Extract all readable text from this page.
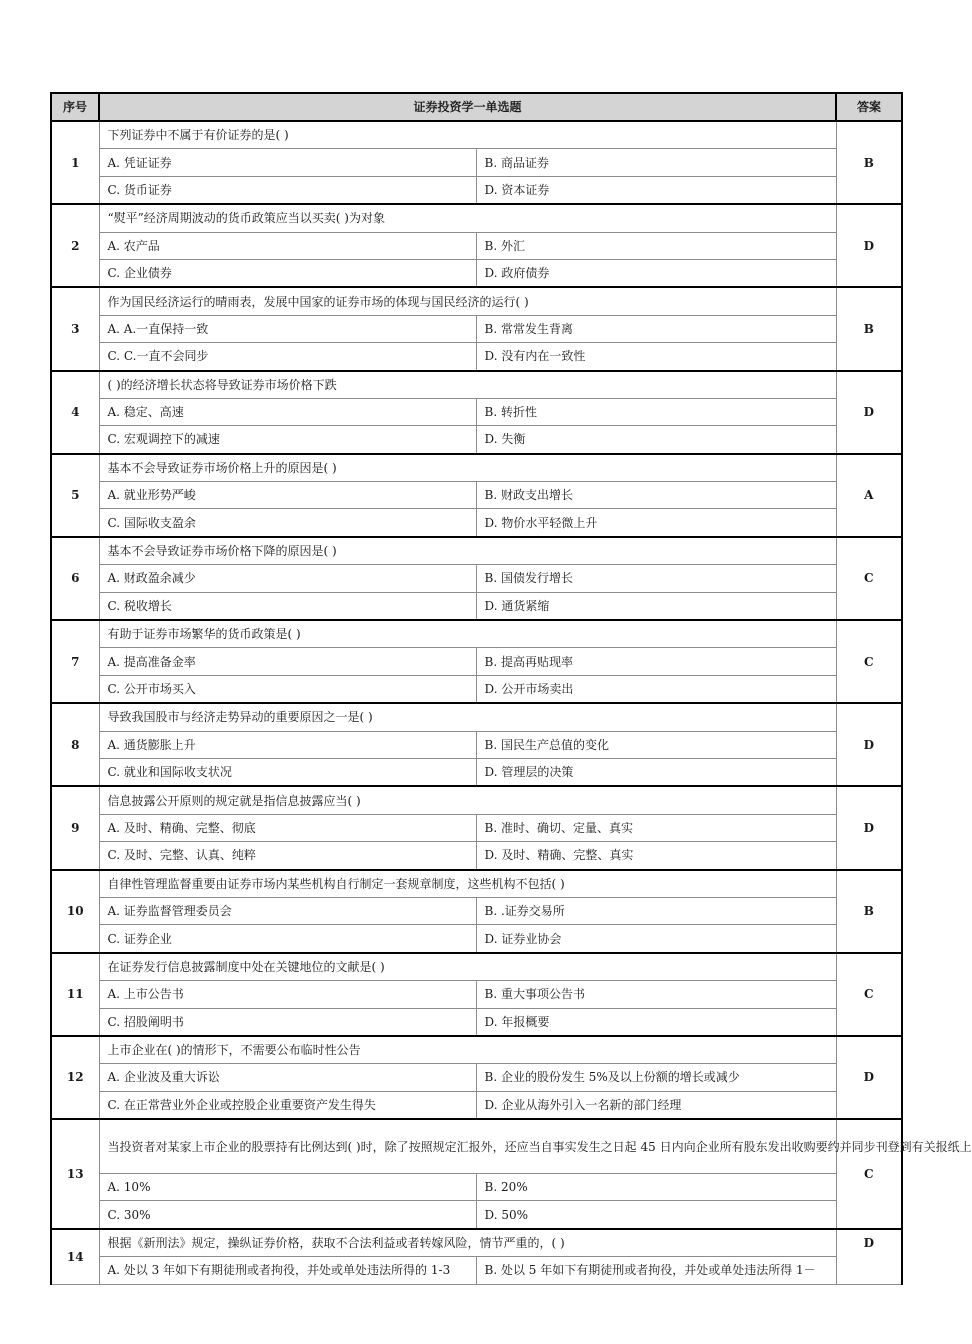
序号	证券投资学一单选题		答案
1	下列证券中不属于有价证券的是( )		B
	A. 凭证证券	B. 商品证券	
	C. 货币证券	D. 资本证券	
2	“熨平”经济周期波动的货币政策应当以买卖( )为对象		D
	A. 农产品	B. 外汇	
	C. 企业债券	D. 政府债券	
3	作为国民经济运行的晴雨表，发展中国家的证券市场的体现与国民经济的运行( )		B
	A. A.一直保持一致	B. 常常发生背离	
	C. C.一直不会同步	D. 没有内在一致性	
4	( )的经济增长状态将导致证券市场价格下跌		D
	A. 稳定、高速	B. 转折性	
	C. 宏观调控下的减速	D. 失衡	
5	基本不会导致证券市场价格上升的原因是( )		A
	A. 就业形势严峻	B. 财政支出增长	
	C. 国际收支盈余	D. 物价水平轻微上升	
6	基本不会导致证券市场价格下降的原因是( )		C
	A. 财政盈余减少	B. 国债发行增长	
	C. 税收增长	D. 通货紧缩	
7	有助于证券市场繁华的货币政策是( )		C
	A. 提高准备金率	B. 提高再贴现率	
	C. 公开市场买入	D. 公开市场卖出	
8	导致我国股市与经济走势异动的重要原因之一是( )		D
	A. 通货膨胀上升	B. 国民生产总值的变化	
	C. 就业和国际收支状况	D. 管理层的决策	
9	信息披露公开原则的规定就是指信息披露应当( )		D
	A. 及时、精确、完整、彻底	B. 准时、确切、定量、真实	
	C. 及时、完整、认真、纯粹	D. 及时、精确、完整、真实	
10	自律性管理监督重要由证券市场内某些机构自行制定一套规章制度，这些机构不包括( )		B
	A. 证券监督管理委员会	B. .证券交易所	
	C. 证券企业	D. 证券业协会	
11	在证券发行信息披露制度中处在关键地位的文献是( )		C
	A. 上市公告书	B. 重大事项公告书	
	C. 招股阐明书	D. 年报概要	
12	上市企业在( )的情形下，不需要公布临时性公告		D
	A. 企业波及重大诉讼	B. 企业的股份发生 5%及以上份额的增长或减少	
	C. 在正常营业外企业或控股企业重要资产发生得失	D. 企业从海外引入一名新的部门经理	
13	当投资者对某家上市企业的股票持有比例达到( )时，除了按照规定汇报外，还应当自事实发生之日起 45 日内向企业所有股东发出收购要约并同步刊登到有关报纸上		C
	A. 10%	B. 20%	
	C. 30%	D. 50%	
14	根据《新刑法》规定，操纵证券价格，获取不合法利益或者转嫁风险，情节严重的，( )		D
	A. 处以 3 年如下有期徒刑或者拘役，并处或单处违法所得的 1-3	B. 处以 5 年如下有期徒刑或者拘役，并处或单处违法所得 1－	
